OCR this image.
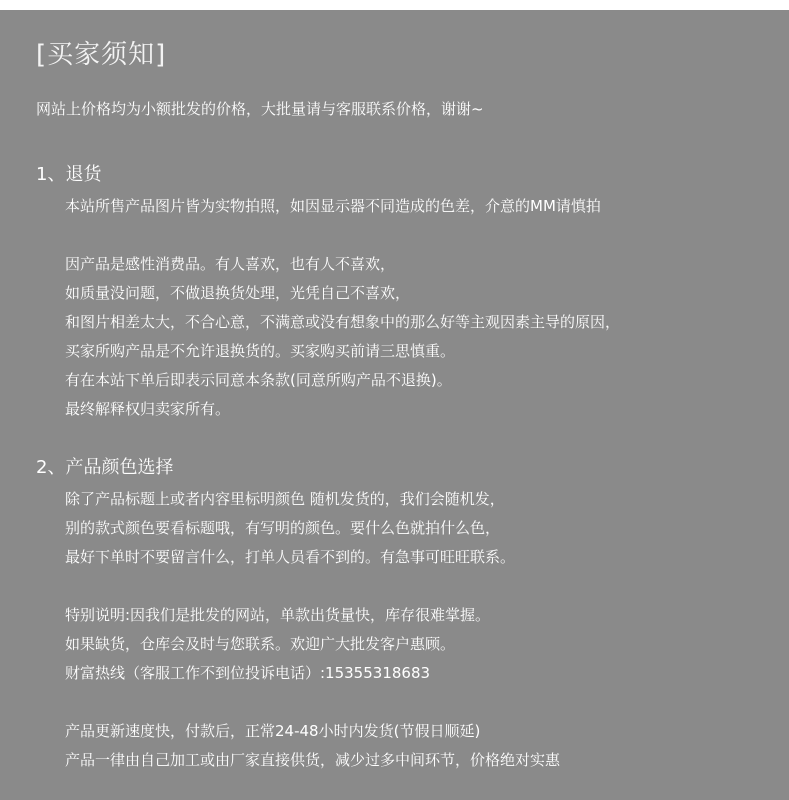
[买家须知]
网站上价格均为小额批发的价格，大批量请与客服联系价格，谢谢~
1、退货
本站所售产品图片皆为实物拍照，如因显示器不同造成的色差，介意的MM请慎拍
因产品是感性消费品。有人喜欢，也有人不喜欢，
如质量没问题，不做退换货处理，光凭自己不喜欢，
和图片相差太大，不合心意，不满意或没有想象中的那么好等主观因素主导的原因，
买家所购产品是不允许退换货的。买家购买前请三思慎重。
有在本站下单后即表示同意本条款(同意所购产品不退换)。
最终解释权归卖家所有。
2、产品颜色选择
除了产品标题上或者内容里标明颜色 随机发货的，我们会随机发，
别的款式颜色要看标题哦，有写明的颜色。要什么色就拍什么色，
最好下单时不要留言什么，打单人员看不到的。有急事可旺旺联系。
特别说明:因我们是批发的网站，单款出货量快，库存很难掌握。
如果缺货，仓库会及时与您联系。欢迎广大批发客户惠顾。
财富热线（客服工作不到位投诉电话）:15355318683
产品更新速度快，付款后，正常24-48小时内发货(节假日顺延)
产品一律由自己加工或由厂家直接供货，减少过多中间环节，价格绝对实惠
